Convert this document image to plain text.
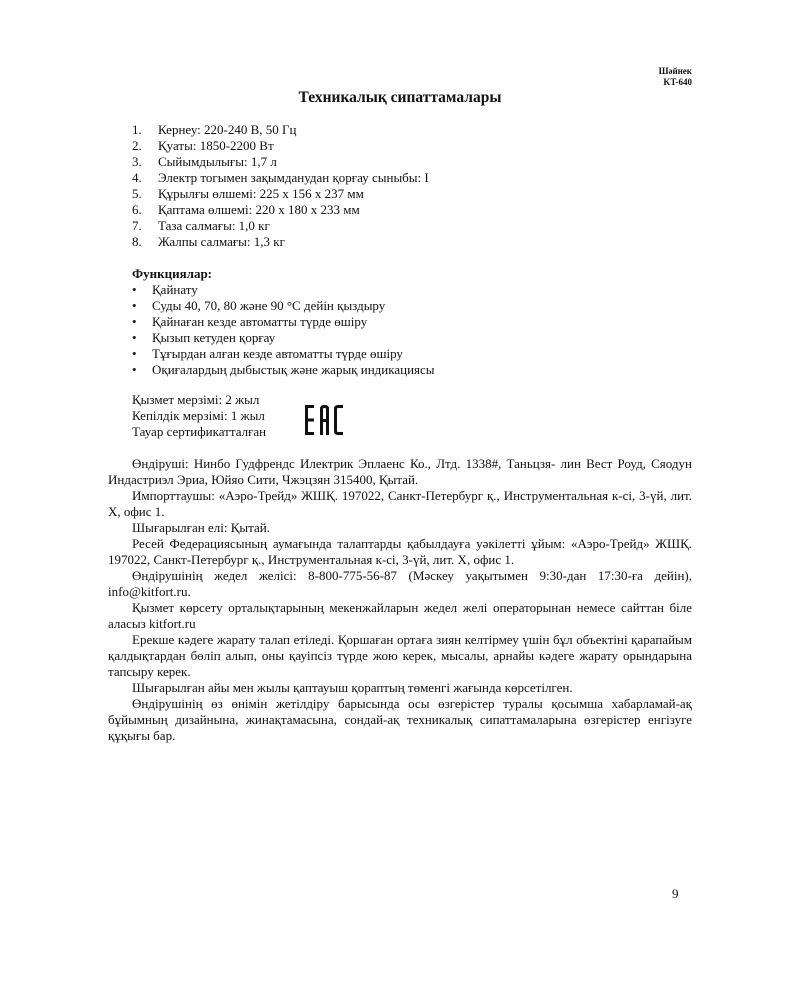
Шәйнек
KT-640
Техникалық сипаттамалары
1. Кернеу: 220-240 В, 50 Гц
2. Қуаты: 1850-2200 Вт
3. Сыйымдылығы: 1,7 л
4. Электр тогымен зақымданудан қорғау сыныбы: I
5. Құрылғы өлшемі: 225 х 156 х 237 мм
6. Қаптама өлшемі: 220 х 180 х 233 мм
7. Таза салмағы: 1,0 кг
8. Жалпы салмағы: 1,3 кг
Функциялар:
• Қайнату
• Суды 40, 70, 80 және 90 °С дейін қыздыру
• Қайнаған кезде автоматты түрде өшіру
• Қызып кетуден қорғау
• Тұғырдан алған кезде автоматты түрде өшіру
• Оқиғалардың дыбыстық және жарық индикациясы
Қызмет мерзімі: 2 жыл
Кепілдік мерзімі: 1 жыл
Тауар сертификатталған

Өндіруші: Нинбо Гудфрендс Илектрик Эплаенс Ко., Лтд. 1338#, Таньцзя- лин Вест Роуд, Сяодун Индастриэл Эриа, Юйяо Сити, Чжэцзян 315400, Қытай.

Импорттаушы: «Аэро-Трейд» ЖШҚ. 197022, Санкт-Петербург қ., Инструментальная к-сі, 3-үй, лит. Х, офис 1.

Шығарылған елі: Қытай.

Ресей Федерациясының аумағында талаптарды қабылдауға уәкілетті ұйым: «Аэро-Трейд» ЖШҚ. 197022, Санкт-Петербург қ., Инструментальная к-сі, 3-үй, лит. Х, офис 1.

Өндірушінің жедел желісі: 8-800-775-56-87 (Мәскеу уақытымен 9:30-дан 17:30-ға дейін), info@kitfort.ru.

Қызмет көрсету орталықтарының мекенжайларын жедел желі операторынан немесе сайттан біле аласыз kitfort.ru

Ерекше кәдеге жарату талап етіледі. Қоршаған ортаға зиян келтірмеу үшін бұл объектіні қарапайым қалдықтардан бөліп алып, оны қауіпсіз түрде жою керек, мысалы, арнайы кәдеге жарату орындарына тапсыру керек.

Шығарылған айы мен жылы қаптауыш қораптың төменгі жағында көрсетілген.

Өндірушінің өз өнімін жетілдіру барысында осы өзгерістер туралы қосымша хабарламай-ақ бұйымның дизайнына, жинақтамасына, сондай-ақ техникалық сипаттамаларына өзгерістер енгізуге құқығы бар.

9
